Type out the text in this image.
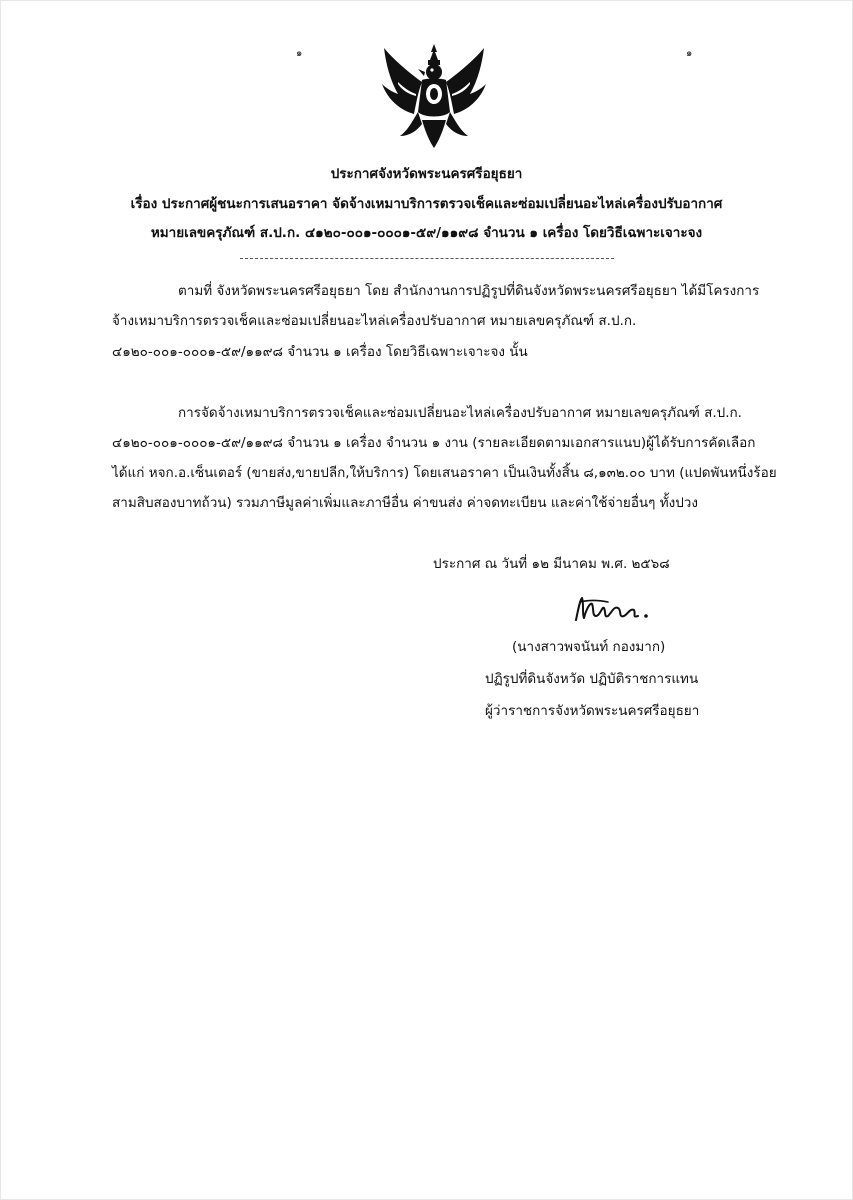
๑	๑
ประกาศจังหวัดพระนครศรีอยุธยา
เรื่อง ประกาศผู้ชนะการเสนอราคา จัดจ้างเหมาบริการตรวจเช็คและซ่อมเปลี่ยนอะไหล่เครื่องปรับอากาศ
หมายเลขครุภัณฑ์ ส.ป.ก. ๔๑๒๐-๐๐๑-๐๐๐๑-๕๙/๑๑๙๘ จำนวน ๑ เครื่อง โดยวิธีเฉพาะเจาะจง
ตามที่ จังหวัดพระนครศรีอยุธยา โดย สำนักงานการปฏิรูปที่ดินจังหวัดพระนครศรีอยุธยา ได้มีโครงการ
จ้างเหมาบริการตรวจเช็คและซ่อมเปลี่ยนอะไหล่เครื่องปรับอากาศ หมายเลขครุภัณฑ์ ส.ป.ก.
๔๑๒๐-๐๐๑-๐๐๐๑-๕๙/๑๑๙๘ จำนวน ๑ เครื่อง โดยวิธีเฉพาะเจาะจง นั้น
การจัดจ้างเหมาบริการตรวจเช็คและซ่อมเปลี่ยนอะไหล่เครื่องปรับอากาศ หมายเลขครุภัณฑ์ ส.ป.ก.
๔๑๒๐-๐๐๑-๐๐๐๑-๕๙/๑๑๙๘ จำนวน ๑ เครื่อง จำนวน ๑ งาน (รายละเอียดตามเอกสารแนบ)ผู้ได้รับการคัดเลือก
ได้แก่ หจก.อ.เซ็นเตอร์ (ขายส่ง,ขายปลีก,ให้บริการ) โดยเสนอราคา เป็นเงินทั้งสิ้น ๘,๑๓๒.๐๐ บาท (แปดพันหนึ่งร้อย
สามสิบสองบาทถ้วน) รวมภาษีมูลค่าเพิ่มและภาษีอื่น ค่าขนส่ง ค่าจดทะเบียน และค่าใช้จ่ายอื่นๆ ทั้งปวง
ประกาศ ณ วันที่ ๑๒ มีนาคม พ.ศ. ๒๕๖๘
(นางสาวพจนันท์ กองมาก)
ปฏิรูปที่ดินจังหวัด ปฏิบัติราชการแทน
ผู้ว่าราชการจังหวัดพระนครศรีอยุธยา
